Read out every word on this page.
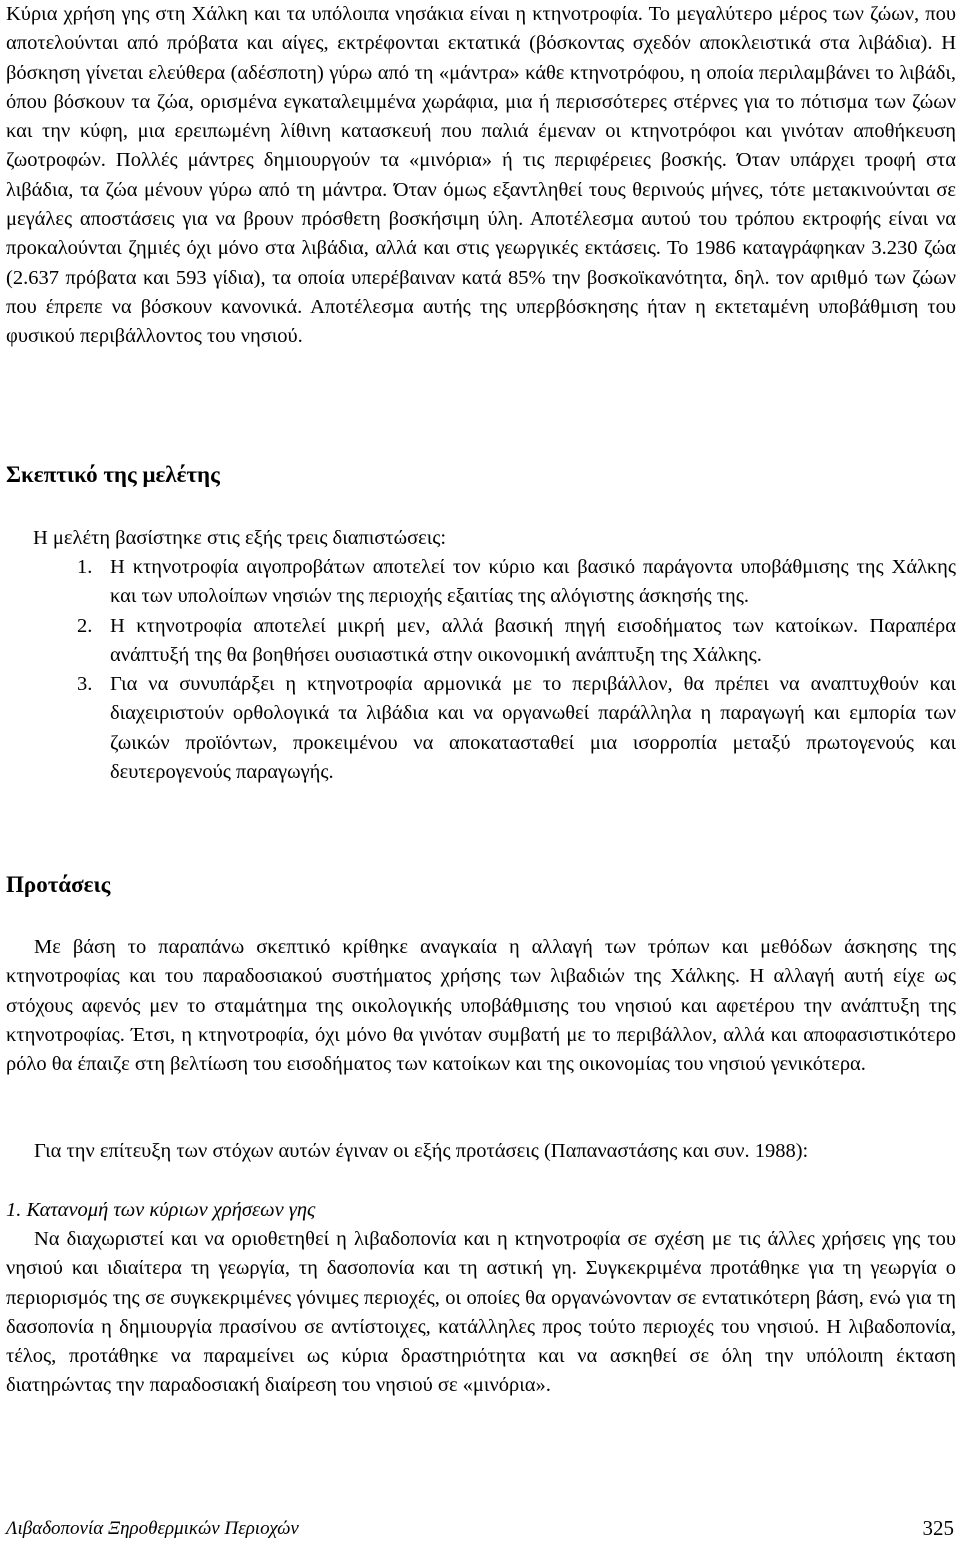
Κύρια χρήση γης στη Χάλκη και τα υπόλοιπα νησάκια είναι η κτηνοτροφία. Το μεγαλύτερο μέρος των ζώων, που αποτελούνται από πρόβατα και αίγες, εκτρέφονται εκτατικά (βόσκοντας σχεδόν αποκλειστικά στα λιβάδια). Η βόσκηση γίνεται ελεύθερα (αδέσποτη) γύρω από τη «μάντρα» κάθε κτηνοτρόφου, η οποία περιλαμβάνει το λιβάδι, όπου βόσκουν τα ζώα, ορισμένα εγκαταλειμμένα χωράφια, μια ή περισσότερες στέρνες για το πότισμα των ζώων και την κύφη, μια ερειπωμένη λίθινη κατασκευή που παλιά έμεναν οι κτηνοτρόφοι και γινόταν αποθήκευση ζωοτροφών. Πολλές μάντρες δημιουργούν τα «μινόρια» ή τις περιφέρειες βοσκής. Όταν υπάρχει τροφή στα λιβάδια, τα ζώα μένουν γύρω από τη μάντρα. Όταν όμως εξαντληθεί τους θερινούς μήνες, τότε μετακινούνται σε μεγάλες αποστάσεις για να βρουν πρόσθετη βοσκήσιμη ύλη. Αποτέλεσμα αυτού του τρόπου εκτροφής είναι να προκαλούνται ζημιές όχι μόνο στα λιβάδια, αλλά και στις γεωργικές εκτάσεις. Το 1986 καταγράφηκαν 3.230 ζώα (2.637 πρόβατα και 593 γίδια), τα οποία υπερέβαιναν κατά 85% την βοσκοϊκανότητα, δηλ. τον αριθμό των ζώων που έπρεπε να βόσκουν κανονικά. Αποτέλεσμα αυτής της υπερβόσκησης ήταν η εκτεταμένη υποβάθμιση του φυσικού περιβάλλοντος του νησιού.

Σκεπτικό της μελέτης

Η μελέτη βασίστηκε στις εξής τρεις διαπιστώσεις:

1. Η κτηνοτροφία αιγοπροβάτων αποτελεί τον κύριο και βασικό παράγοντα υποβάθμισης της Χάλκης και των υπολοίπων νησιών της περιοχής εξαιτίας της αλόγιστης άσκησής της.
2. Η κτηνοτροφία αποτελεί μικρή μεν, αλλά βασική πηγή εισοδήματος των κατοίκων. Παραπέρα ανάπτυξή της θα βοηθήσει ουσιαστικά στην οικονομική ανάπτυξη της Χάλκης.
3. Για να συνυπάρξει η κτηνοτροφία αρμονικά με το περιβάλλον, θα πρέπει να αναπτυχθούν και διαχειριστούν ορθολογικά τα λιβάδια και να οργανωθεί παράλληλα η παραγωγή και εμπορία των ζωικών προϊόντων, προκειμένου να αποκατασταθεί μια ισορροπία μεταξύ πρωτογενούς και δευτερογενούς παραγωγής.
Προτάσεις

Με βάση το παραπάνω σκεπτικό κρίθηκε αναγκαία η αλλαγή των τρόπων και μεθόδων άσκησης της κτηνοτροφίας και του παραδοσιακού συστήματος χρήσης των λιβαδιών της Χάλκης. Η αλλαγή αυτή είχε ως στόχους αφενός μεν το σταμάτημα της οικολογικής υποβάθμισης του νησιού και αφετέρου την ανάπτυξη της κτηνοτροφίας. Έτσι, η κτηνοτροφία, όχι μόνο θα γινόταν συμβατή με το περιβάλλον, αλλά και αποφασιστικότερο ρόλο θα έπαιζε στη βελτίωση του εισοδήματος των κατοίκων και της οικονομίας του νησιού γενικότερα.

Για την επίτευξη των στόχων αυτών έγιναν οι εξής προτάσεις (Παπαναστάσης και συν. 1988):

1. Κατανομή των κύριων χρήσεων γης

Να διαχωριστεί και να οριοθετηθεί η λιβαδοπονία και η κτηνοτροφία σε σχέση με τις άλλες χρήσεις γης του νησιού και ιδιαίτερα τη γεωργία, τη δασοπονία και τη αστική γη. Συγκεκριμένα προτάθηκε για τη γεωργία ο περιορισμός της σε συγκεκριμένες γόνιμες περιοχές, οι οποίες θα οργανώνονταν σε εντατικότερη βάση, ενώ για τη δασοπονία η δημιουργία πρασίνου σε αντίστοιχες, κατάλληλες προς τούτο περιοχές του νησιού. Η λιβαδοπονία, τέλος, προτάθηκε να παραμείνει ως κύρια δραστηριότητα και να ασκηθεί σε όλη την υπόλοιπη έκταση διατηρώντας την παραδοσιακή διαίρεση του νησιού σε «μινόρια».

Λιβαδοπονία Ξηροθερμικών Περιοχών	325
